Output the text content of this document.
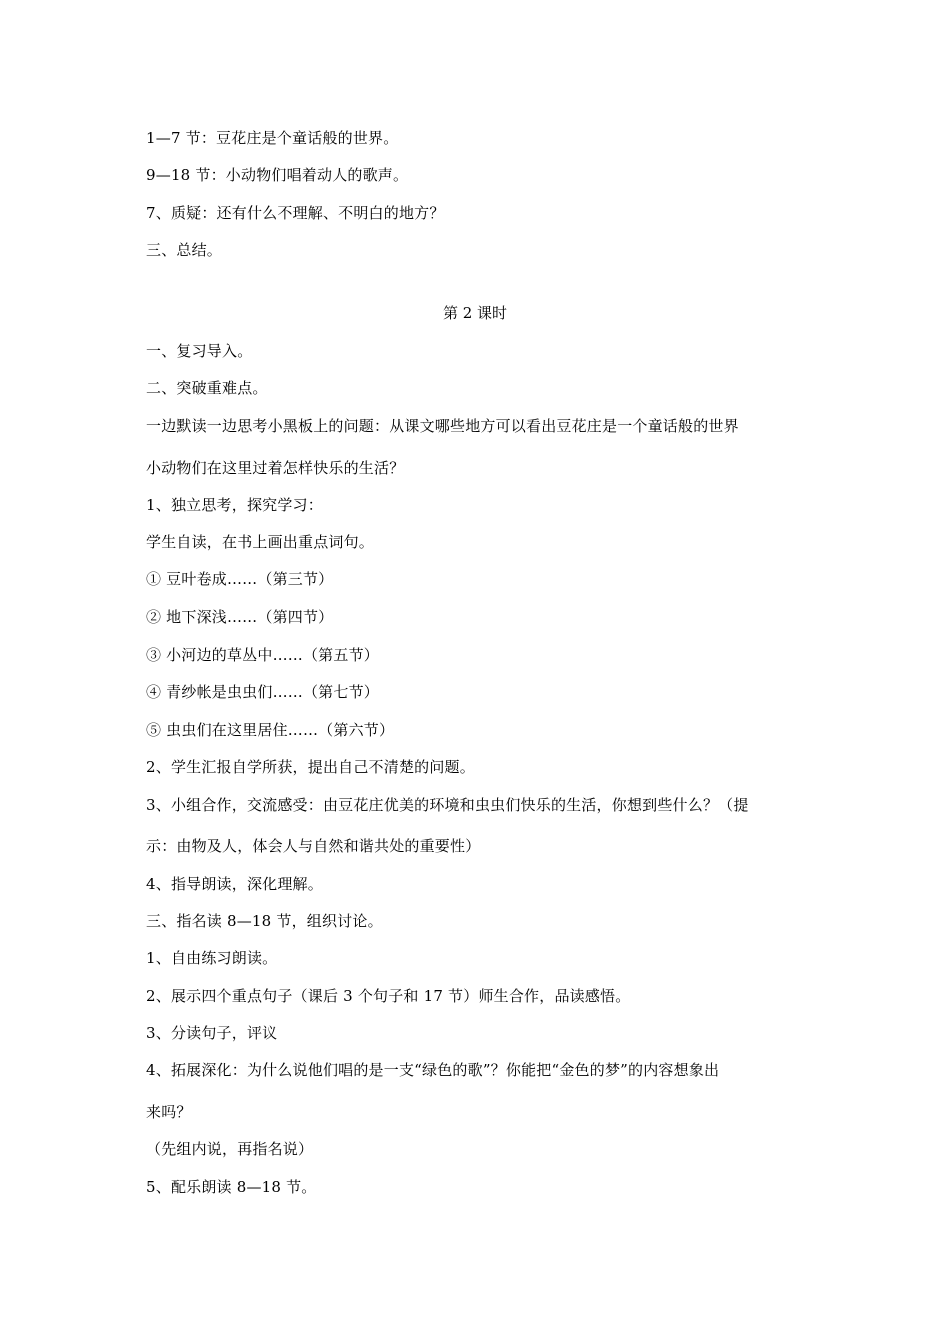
1—7 节：豆花庄是个童话般的世界。
9—18 节：小动物们唱着动人的歌声。
7、质疑：还有什么不理解、不明白的地方？
三、总结。
第 2 课时
一、复习导入。
二、突破重难点。
一边默读一边思考小黑板上的问题：从课文哪些地方可以看出豆花庄是一个童话般的世界
小动物们在这里过着怎样快乐的生活？
1、独立思考，探究学习：
学生自读，在书上画出重点词句。
① 豆叶卷成……（第三节）
② 地下深浅……（第四节）
③ 小河边的草丛中……（第五节）
④ 青纱帐是虫虫们……（第七节）
⑤ 虫虫们在这里居住……（第六节）
2、学生汇报自学所获，提出自己不清楚的问题。
3、小组合作，交流感受：由豆花庄优美的环境和虫虫们快乐的生活，你想到些什么？（提
示：由物及人，体会人与自然和谐共处的重要性）
4、指导朗读，深化理解。
三、指名读 8—18 节，组织讨论。
1、自由练习朗读。
2、展示四个重点句子（课后 3 个句子和 17 节）师生合作，品读感悟。
3、分读句子，评议
4、拓展深化：为什么说他们唱的是一支“绿色的歌”？你能把“金色的梦”的内容想象出
来吗？
（先组内说，再指名说）
5、配乐朗读 8—18 节。
